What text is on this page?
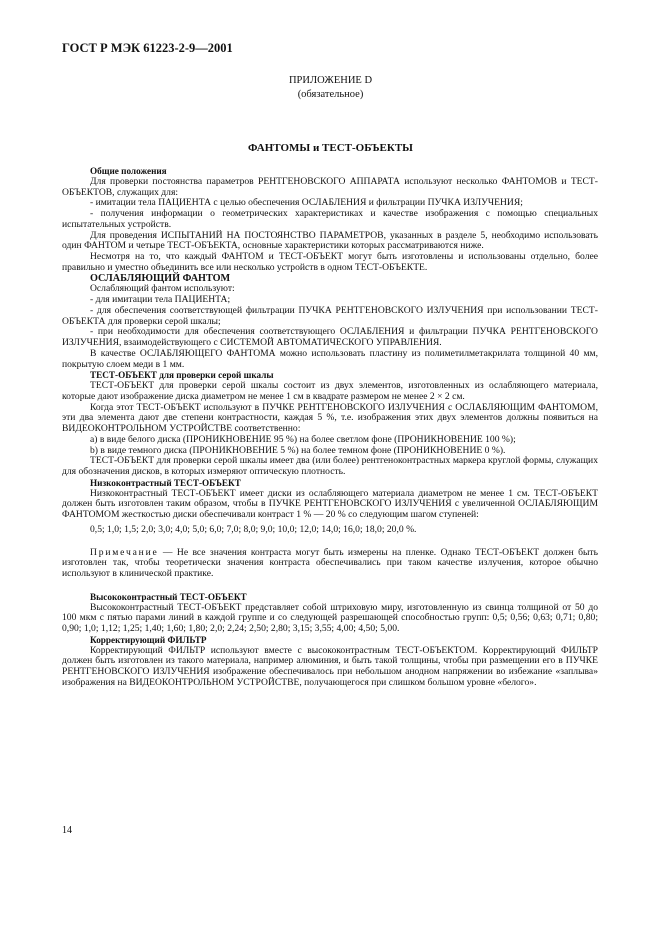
ГОСТ Р МЭК 61223-2-9—2001
ПРИЛОЖЕНИЕ D
(обязательное)
ФАНТОМЫ и ТЕСТ-ОБЪЕКТЫ
Общие положения

Для проверки постоянства параметров РЕНТГЕНОВСКОГО АППАРАТА используют несколько ФАНТОМОВ и ТЕСТ-ОБЪЕКТОВ, служащих для:

- имитации тела ПАЦИЕНТА с целью обеспечения ОСЛАБЛЕНИЯ и фильтрации ПУЧКА ИЗЛУЧЕНИЯ;

- получения информации о геометрических характеристиках и качестве изображения с помощью специальных испытательных устройств.

Для проведения ИСПЫТАНИЙ НА ПОСТОЯНСТВО ПАРАМЕТРОВ, указанных в разделе 5, необходимо использовать один ФАНТОМ и четыре ТЕСТ-ОБЪЕКТА, основные характеристики которых рассматриваются ниже.

Несмотря на то, что каждый ФАНТОМ и ТЕСТ-ОБЪЕКТ могут быть изготовлены и использованы отдельно, более правильно и уместно объединить все или несколько устройств в одном ТЕСТ-ОБЪЕКТЕ.

ОСЛАБЛЯЮЩИЙ ФАНТОМ

Ослабляющий фантом используют:

- для имитации тела ПАЦИЕНТА;

- для обеспечения соответствующей фильтрации ПУЧКА РЕНТГЕНОВСКОГО ИЗЛУЧЕНИЯ при использовании ТЕСТ-ОБЪЕКТА для проверки серой шкалы;

- при необходимости для обеспечения соответствующего ОСЛАБЛЕНИЯ и фильтрации ПУЧКА РЕНТГЕНОВСКОГО ИЗЛУЧЕНИЯ, взаимодействующего с СИСТЕМОЙ АВТОМАТИЧЕСКОГО УПРАВЛЕНИЯ.

В качестве ОСЛАБЛЯЮЩЕГО ФАНТОМА можно использовать пластину из полиметилметакрилата толщиной 40 мм, покрытую слоем меди в 1 мм.

ТЕСТ-ОБЪЕКТ для проверки серой шкалы

ТЕСТ-ОБЪЕКТ для проверки серой шкалы состоит из двух элементов, изготовленных из ослабляющего материала, которые дают изображение диска диаметром не менее 1 см в квадрате размером не менее 2 × 2 см.

Когда этот ТЕСТ-ОБЪЕКТ используют в ПУЧКЕ РЕНТГЕНОВСКОГО ИЗЛУЧЕНИЯ с ОСЛАБЛЯЮЩИМ ФАНТОМОМ, эти два элемента дают две степени контрастности, каждая 5 %, т.е. изображения этих двух элементов должны появиться на ВИДЕОКОНТРОЛЬНОМ УСТРОЙСТВЕ соответственно:

а) в виде белого диска (ПРОНИКНОВЕНИЕ 95 %) на более светлом фоне (ПРОНИКНОВЕНИЕ 100 %);

b) в виде темного диска (ПРОНИКНОВЕНИЕ 5 %) на более темном фоне (ПРОНИКНОВЕНИЕ 0 %).

ТЕСТ-ОБЪЕКТ для проверки серой шкалы имеет два (или более) рентгеноконтрастных маркера круглой формы, служащих для обозначения дисков, в которых измеряют оптическую плотность.

Низкоконтрастный ТЕСТ-ОБЪЕКТ

Низкоконтрастный ТЕСТ-ОБЪЕКТ имеет диски из ослабляющего материала диаметром не менее 1 см. ТЕСТ-ОБЪЕКТ должен быть изготовлен таким образом, чтобы в ПУЧКЕ РЕНТГЕНОВСКОГО ИЗЛУЧЕНИЯ с увеличенной ОСЛАБЛЯЮЩИМ ФАНТОМОМ жесткостью диски обеспечивали контраст 1 % — 20 % со следующим шагом ступеней:

0,5; 1,0; 1,5; 2,0; 3,0; 4,0; 5,0; 6,0; 7,0; 8,0; 9,0; 10,0; 12,0; 14,0; 16,0; 18,0; 20,0 %.

Примечание — Не все значения контраста могут быть измерены на пленке. Однако ТЕСТ-ОБЪЕКТ должен быть изготовлен так, чтобы теоретически значения контраста обеспечивались при таком качестве излучения, которое обычно используют в клинической практике.

Высококонтрастный ТЕСТ-ОБЪЕКТ

Высококонтрастный ТЕСТ-ОБЪЕКТ представляет собой штриховую миру, изготовленную из свинца толщиной от 50 до 100 мкм с пятью парами линий в каждой группе и со следующей разрешающей способностью групп: 0,5; 0,56; 0,63; 0,71; 0,80; 0,90; 1,0; 1,12; 1,25; 1,40; 1,60; 1,80; 2,0; 2,24; 2,50; 2,80; 3,15; 3,55; 4,00; 4,50; 5,00.

Корректирующий ФИЛЬТР

Корректирующий ФИЛЬТР используют вместе с высококонтрастным ТЕСТ-ОБЪЕКТОМ. Корректирующий ФИЛЬТР должен быть изготовлен из такого материала, например алюминия, и быть такой толщины, чтобы при размещении его в ПУЧКЕ РЕНТГЕНОВСКОГО ИЗЛУЧЕНИЯ изображение обеспечивалось при небольшом анодном напряжении во избежание «заплыва» изображения на ВИДЕОКОНТРОЛЬНОМ УСТРОЙСТВЕ, получающегося при слишком большом уровне «белого».

14
